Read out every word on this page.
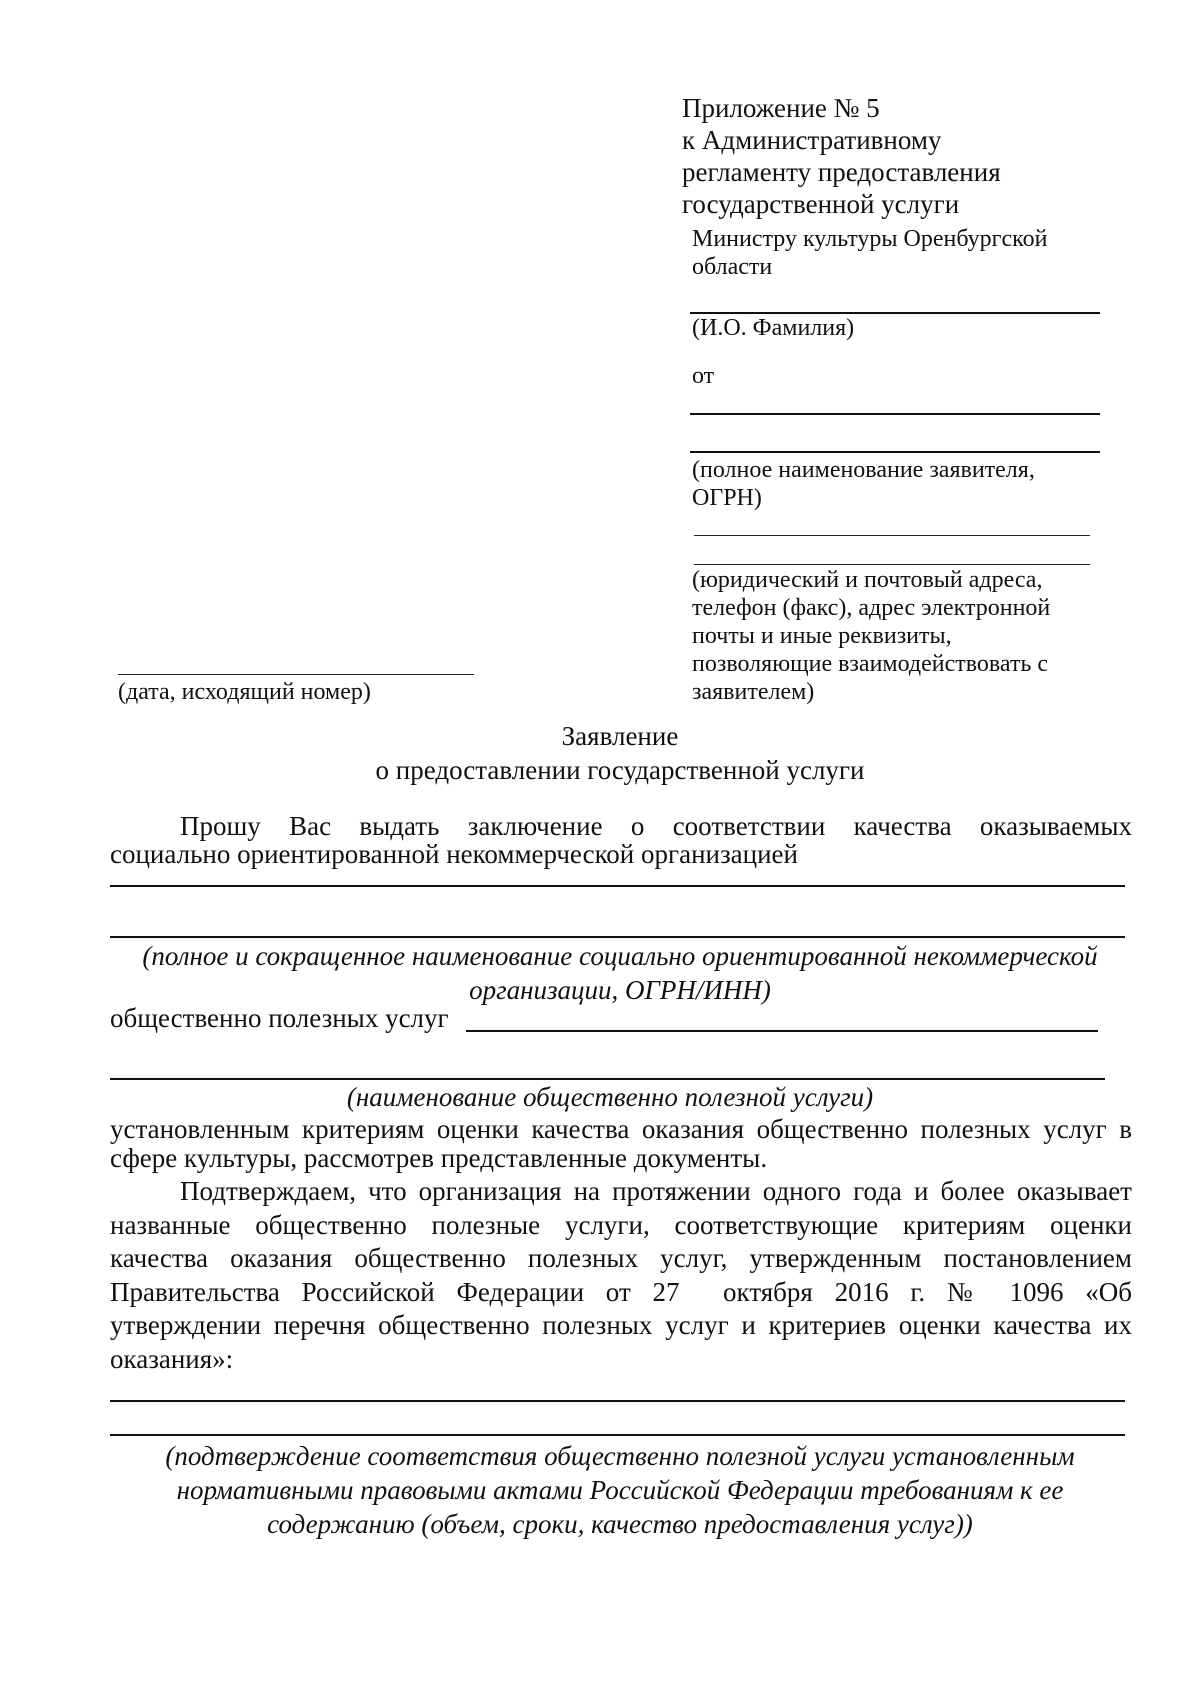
Приложение № 5
к Административному
регламенту предоставления
государственной услуги
Министру культуры Оренбургской
области
(И.О. Фамилия)
от
(полное наименование заявителя,
ОГРН)
(юридический и почтовый адреса,
телефон (факс), адрес электронной
почты и иные реквизиты,
позволяющие взаимодействовать с
заявителем)
(дата, исходящий номер)
Заявление
о предоставлении государственной услуги
Прошу Вас выдать заключение о соответствии качества оказываемых
социально ориентированной некоммерческой организацией
(полное и сокращенное наименование социально ориентированной некоммерческой
организации, ОГРН/ИНН)
общественно полезных услуг
(наименование общественно полезной услуги)
установленным критериям оценки качества оказания общественно полезных услуг в
сфере культуры, рассмотрев представленные документы.
Подтверждаем, что организация на протяжении одного года и более оказывает
названные общественно полезные услуги, соответствующие критериям оценки
качества оказания общественно полезных услуг, утвержденным постановлением
Правительства Российской Федерации от 27  октября 2016 г. № 1096 «Об
утверждении перечня общественно полезных услуг и критериев оценки качества их
оказания»:
(подтверждение соответствия общественно полезной услуги установленным
нормативными правовыми актами Российской Федерации требованиям к ее
содержанию (объем, сроки, качество предоставления услуг))
